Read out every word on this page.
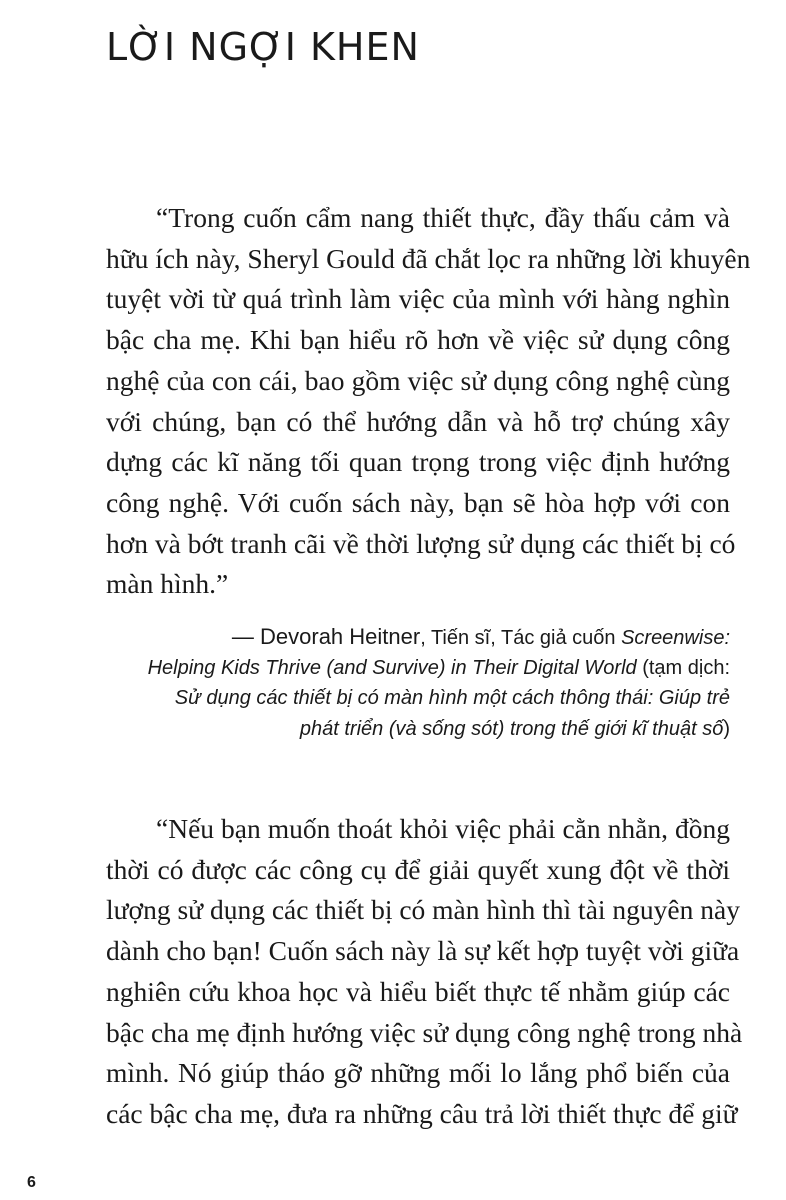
LỜI NGỢI KHEN
“Trong cuốn cẩm nang thiết thực, đầy thấu cảm và
hữu ích này, Sheryl Gould đã chắt lọc ra những lời khuyên
tuyệt vời từ quá trình làm việc của mình với hàng nghìn
bậc cha mẹ. Khi bạn hiểu rõ hơn về việc sử dụng công
nghệ của con cái, bao gồm việc sử dụng công nghệ cùng
với chúng, bạn có thể hướng dẫn và hỗ trợ chúng xây
dựng các kĩ năng tối quan trọng trong việc định hướng
công nghệ. Với cuốn sách này, bạn sẽ hòa hợp với con
hơn và bớt tranh cãi về thời lượng sử dụng các thiết bị có
màn hình.”
— Devorah Heitner, Tiến sĩ, Tác giả cuốn Screenwise:
Helping Kids Thrive (and Survive) in Their Digital World (tạm dịch:
Sử dụng các thiết bị có màn hình một cách thông thái: Giúp trẻ
phát triển (và sống sót) trong thế giới kĩ thuật số)
“Nếu bạn muốn thoát khỏi việc phải cằn nhằn, đồng
thời có được các công cụ để giải quyết xung đột về thời
lượng sử dụng các thiết bị có màn hình thì tài nguyên này
dành cho bạn! Cuốn sách này là sự kết hợp tuyệt vời giữa
nghiên cứu khoa học và hiểu biết thực tế nhằm giúp các
bậc cha mẹ định hướng việc sử dụng công nghệ trong nhà
mình. Nó giúp tháo gỡ những mối lo lắng phổ biến của
các bậc cha mẹ, đưa ra những câu trả lời thiết thực để giữ
6
